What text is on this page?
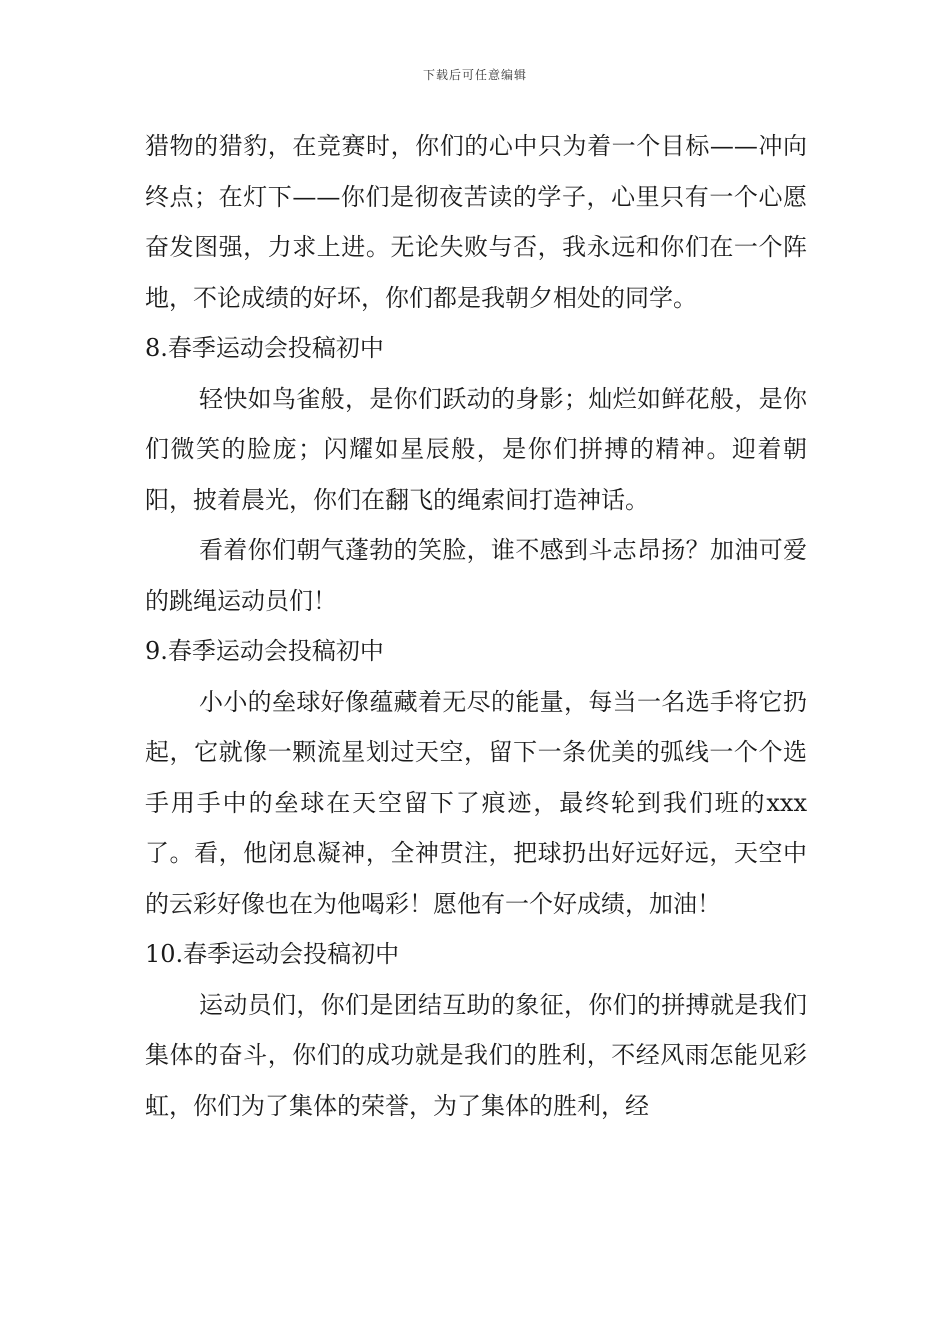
下载后可任意编辑

猎物的猎豹，在竞赛时，你们的心中只为着一个目标——冲向终点；在灯下——你们是彻夜苦读的学子，心里只有一个心愿奋发图强，力求上进。无论失败与否，我永远和你们在一个阵地，不论成绩的好坏，你们都是我朝夕相处的同学。

8.春季运动会投稿初中

轻快如鸟雀般，是你们跃动的身影；灿烂如鲜花般，是你们微笑的脸庞；闪耀如星辰般，是你们拼搏的精神。迎着朝阳，披着晨光，你们在翻飞的绳索间打造神话。

看着你们朝气蓬勃的笑脸，谁不感到斗志昂扬？加油可爱的跳绳运动员们！

9.春季运动会投稿初中

小小的垒球好像蕴藏着无尽的能量，每当一名选手将它扔起，它就像一颗流星划过天空，留下一条优美的弧线一个个选手用手中的垒球在天空留下了痕迹，最终轮到我们班的xxx了。看，他闭息凝神，全神贯注，把球扔出好远好远，天空中的云彩好像也在为他喝彩！愿他有一个好成绩，加油！

10.春季运动会投稿初中

运动员们，你们是团结互助的象征，你们的拼搏就是我们集体的奋斗，你们的成功就是我们的胜利，不经风雨怎能见彩虹，你们为了集体的荣誉，为了集体的胜利，经
